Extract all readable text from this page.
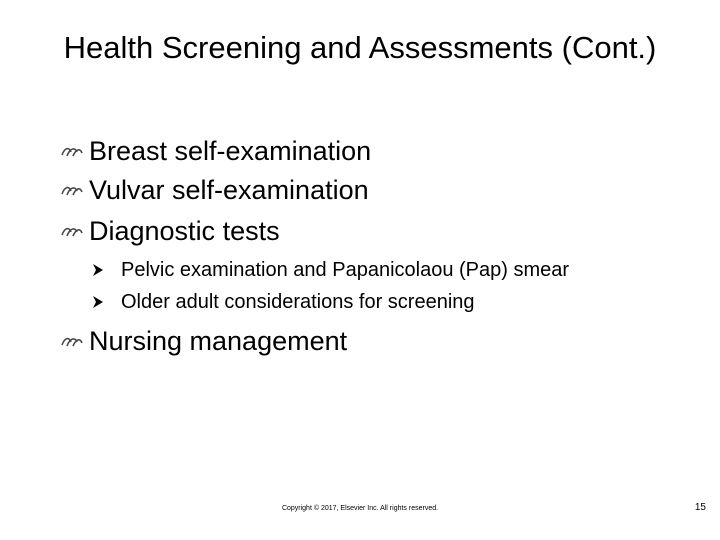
Health Screening and Assessments (Cont.)
Breast self-examination
Vulvar self-examination
Diagnostic tests
Pelvic examination and Papanicolaou (Pap) smear
Older adult considerations for screening
Nursing management
Copyright © 2017, Elsevier Inc. All rights reserved.	15
